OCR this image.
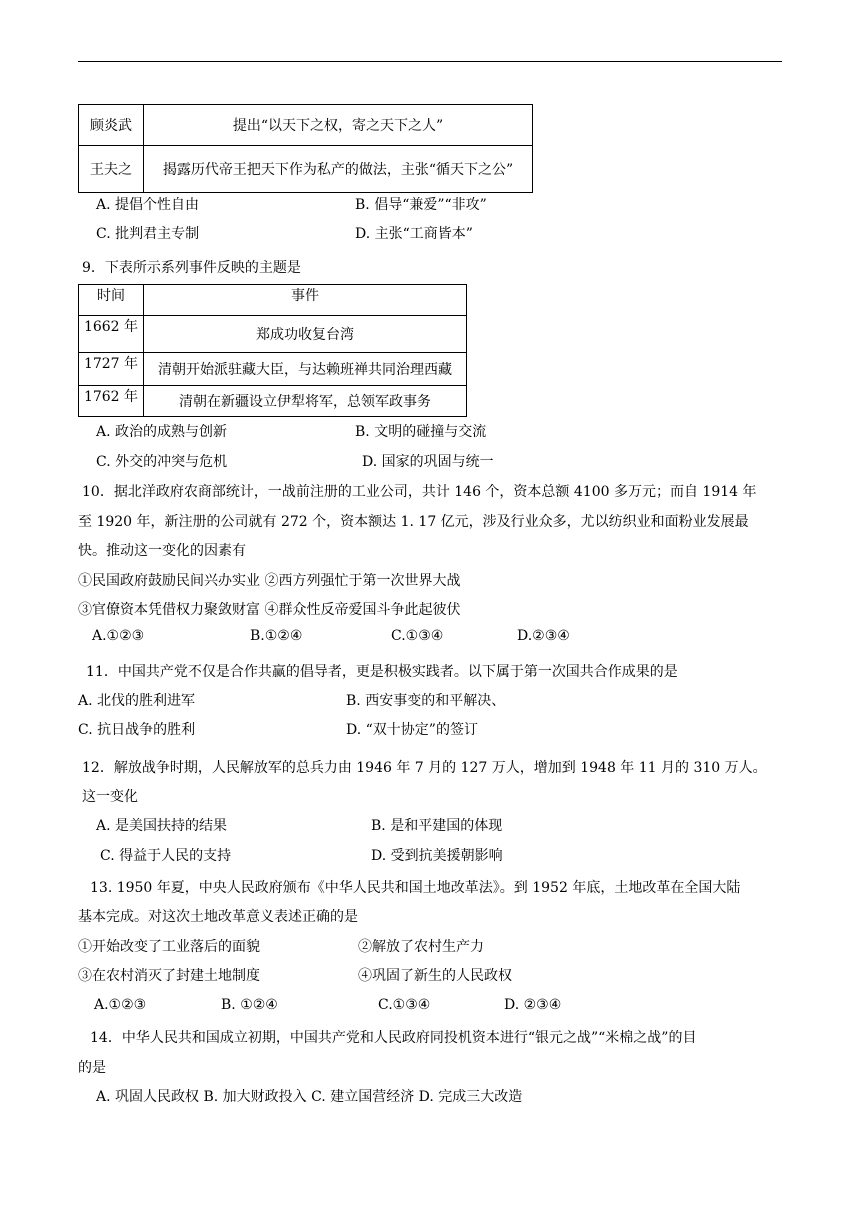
顾炎武	提出“以天下之权，寄之天下之人”
王夫之	揭露历代帝王把天下作为私产的做法，主张“循天下之公”
A. 提倡个性自由	B. 倡导“兼爱”“非攻”
C. 批判君主专制	D. 主张“工商皆本”
9．下表所示系列事件反映的主题是
时间	事件
1662 年	郑成功收复台湾
1727 年	清朝开始派驻藏大臣，与达赖班禅共同治理西藏
1762 年	清朝在新疆设立伊犁将军，总领军政事务
A. 政治的成熟与创新	B. 文明的碰撞与交流
C. 外交的冲突与危机	D. 国家的巩固与统一
10．据北洋政府农商部统计，一战前注册的工业公司，共计 146 个，资本总额 4100 多万元；而自 1914 年
至 1920 年，新注册的公司就有 272 个，资本额达 1. 17 亿元，涉及行业众多，尤以纺织业和面粉业发展最
快。推动这一变化的因素有
①民国政府鼓励民间兴办实业 ②西方列强忙于第一次世界大战
③官僚资本凭借权力聚敛财富 ④群众性反帝爱国斗争此起彼伏
A.①②③	B.①②④	C.①③④	D.②③④
11．中国共产党不仅是合作共赢的倡导者，更是积极实践者。以下属于第一次国共合作成果的是
A. 北伐的胜利进军	B. 西安事变的和平解决、
C. 抗日战争的胜利	D. “双十协定”的签订
12．解放战争时期，人民解放军的总兵力由 1946 年 7 月的 127 万人，增加到 1948 年 11 月的 310 万人。
这一变化
A. 是美国扶持的结果	B. 是和平建国的体现
C. 得益于人民的支持	D. 受到抗美援朝影响
13. 1950 年夏，中央人民政府颁布《中华人民共和国土地改革法》。到 1952 年底，土地改革在全国大陆
基本完成。对这次土地改革意义表述正确的是
①开始改变了工业落后的面貌	②解放了农村生产力
③在农村消灭了封建土地制度	④巩固了新生的人民政权
A.①②③	B. ①②④	C.①③④	D. ②③④
14．中华人民共和国成立初期，中国共产党和人民政府同投机资本进行“银元之战”“米棉之战”的目
的是
A. 巩固人民政权 B. 加大财政投入 C. 建立国营经济 D. 完成三大改造
